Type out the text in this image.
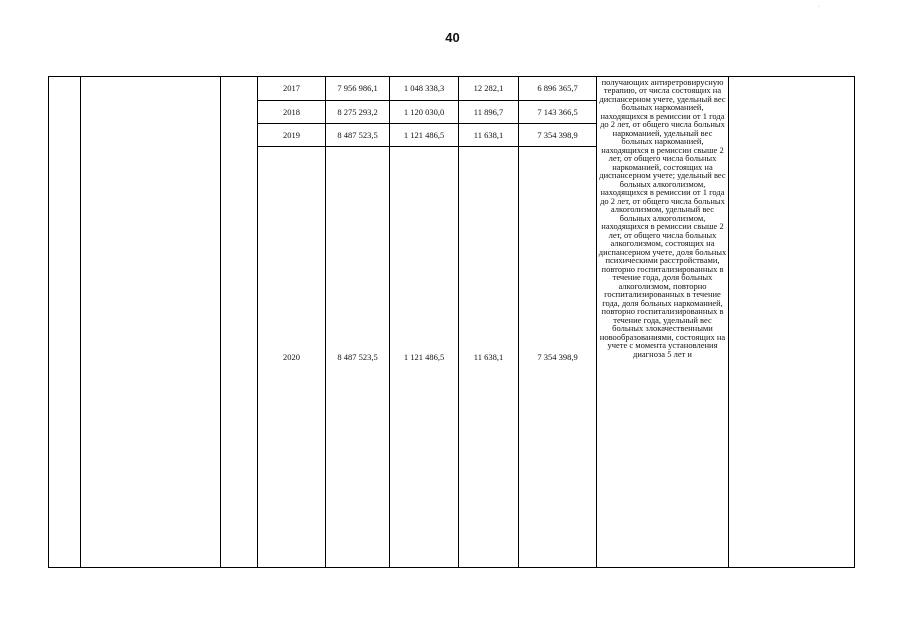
40
·
			2017	7 956 986,1	1 048 338,3	12 282,1	6 896 365,7	получающих антиретровирусную терапию, от числа состоящих на диспансерном учете, удельный вес больных наркоманией, находящихся в ремиссии от 1 года до 2 лет, от общего числа больных наркоманией, удельный вес больных наркоманией, находящихся в ремиссии свыше 2 лет, от общего числа больных наркоманией, состоящих на диспансерном учете; удельный вес больных алкоголизмом, находящихся в ремиссии от 1 года до 2 лет, от общего числа больных алкоголизмом, удельный вес больных алкоголизмом, находящихся в ремиссии свыше 2 лет, от общего числа больных алкоголизмом, состоящих на диспансерном учете, доля больных психическими расстройствами, повторно госпитализированных в течение года, доля больных алкоголизмом, повторно госпитализированных в течение года, доля больных наркоманией, повторно госпитализированных в течение года, удельный вес больных злокачественными новообразованиями, состоящих на учете с момента установления диагноза 5 лет и	

			2018	8 275 293,2	1 120 030,0	11 896,7	7 143 366,5		
			2019	8 487 523,5	1 121 486,5	11 638,1	7 354 398,9		
			2020	8 487 523,5	1 121 486,5	11 638,1	7 354 398,9		
